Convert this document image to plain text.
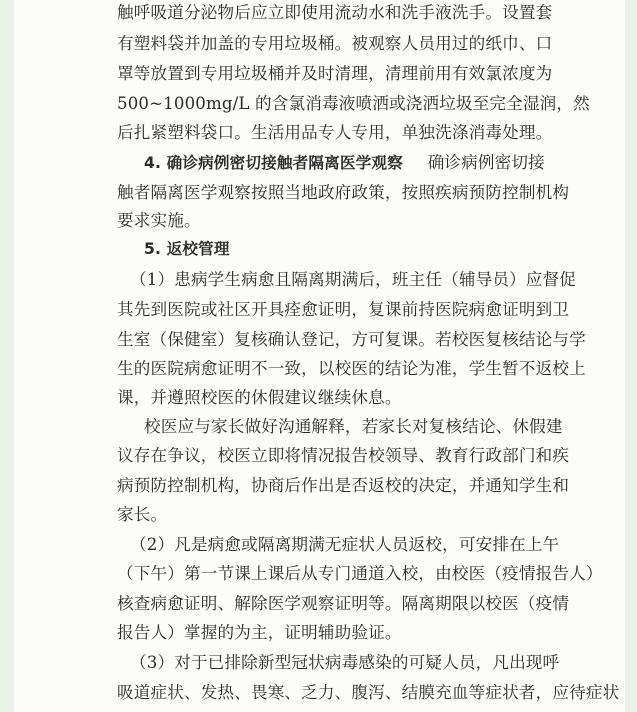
触呼吸道分泌物后应立即使用流动水和洗手液洗手。设置套
有塑料袋并加盖的专用垃圾桶。被观察人员用过的纸巾、口
罩等放置到专用垃圾桶并及时清理，清理前用有效氯浓度为
500~1000mg/L 的含氯消毒液喷洒或浇洒垃圾至完全湿润，然
后扎紧塑料袋口。生活用品专人专用，单独洗涤消毒处理。
4. 确诊病例密切接触者隔离医学观察 确诊病例密切接
触者隔离医学观察按照当地政府政策，按照疾病预防控制机构
要求实施。
5. 返校管理
（1）患病学生病愈且隔离期满后，班主任（辅导员）应督促
其先到医院或社区开具痊愈证明，复课前持医院病愈证明到卫
生室（保健室）复核确认登记，方可复课。若校医复核结论与学
生的医院病愈证明不一致，以校医的结论为准，学生暂不返校上
课，并遵照校医的休假建议继续休息。
校医应与家长做好沟通解释，若家长对复核结论、休假建
议存在争议，校医立即将情况报告校领导、教育行政部门和疾
病预防控制机构，协商后作出是否返校的决定，并通知学生和
家长。
（2）凡是病愈或隔离期满无症状人员返校，可安排在上午
（下午）第一节课上课后从专门通道入校，由校医（疫情报告人）
核查病愈证明、解除医学观察证明等。隔离期限以校医（疫情
报告人）掌握的为主，证明辅助验证。
（3）对于已排除新型冠状病毒感染的可疑人员，凡出现呼
吸道症状、发热、畏寒、乏力、腹泻、结膜充血等症状者，应待症状
